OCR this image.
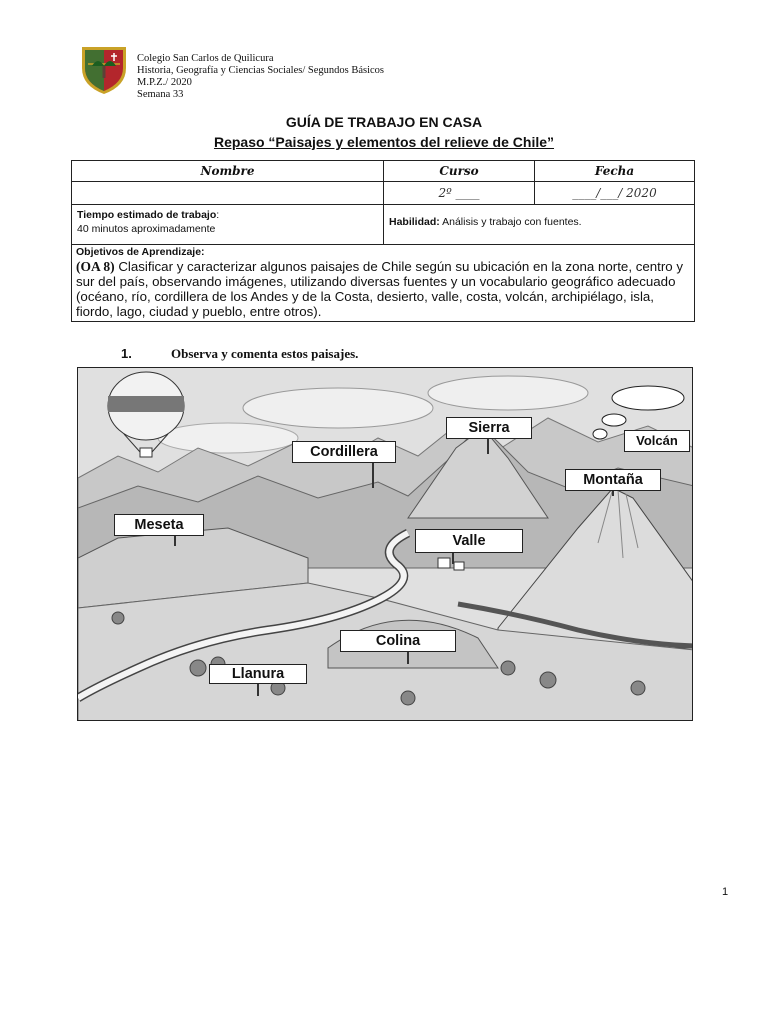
Colegio San Carlos de Quilicura
Historia, Geografía y Ciencias Sociales/ Segundos Básicos
M.P.Z./ 2020
Semana 33
GUÍA DE TRABAJO EN CASA
Repaso “Paisajes y elementos del relieve de Chile”
Nombre	Curso	Fecha
	2º ____	____/___/ 2020

Tiempo estimado de trabajo:
40 minutos aproximadamente	Habilidad: Análisis y trabajo con fuentes.	

Objetivos de Aprendizaje:
(OA 8) Clasificar y caracterizar algunos paisajes de Chile según su ubicación en la zona norte, centro y sur del país, observando imágenes, utilizando diversas fuentes y un vocabulario geográfico adecuado (océano, río, cordillera de los Andes y de la Costa, desierto, valle, costa, volcán, archipiélago, isla, fiordo, lago, ciudad y pueblo, entre otros).		
1.	Observa y comenta estos paisajes.
Cordillera
Sierra
Volcán
Montaña
Meseta
Valle
Colina
Llanura
1
